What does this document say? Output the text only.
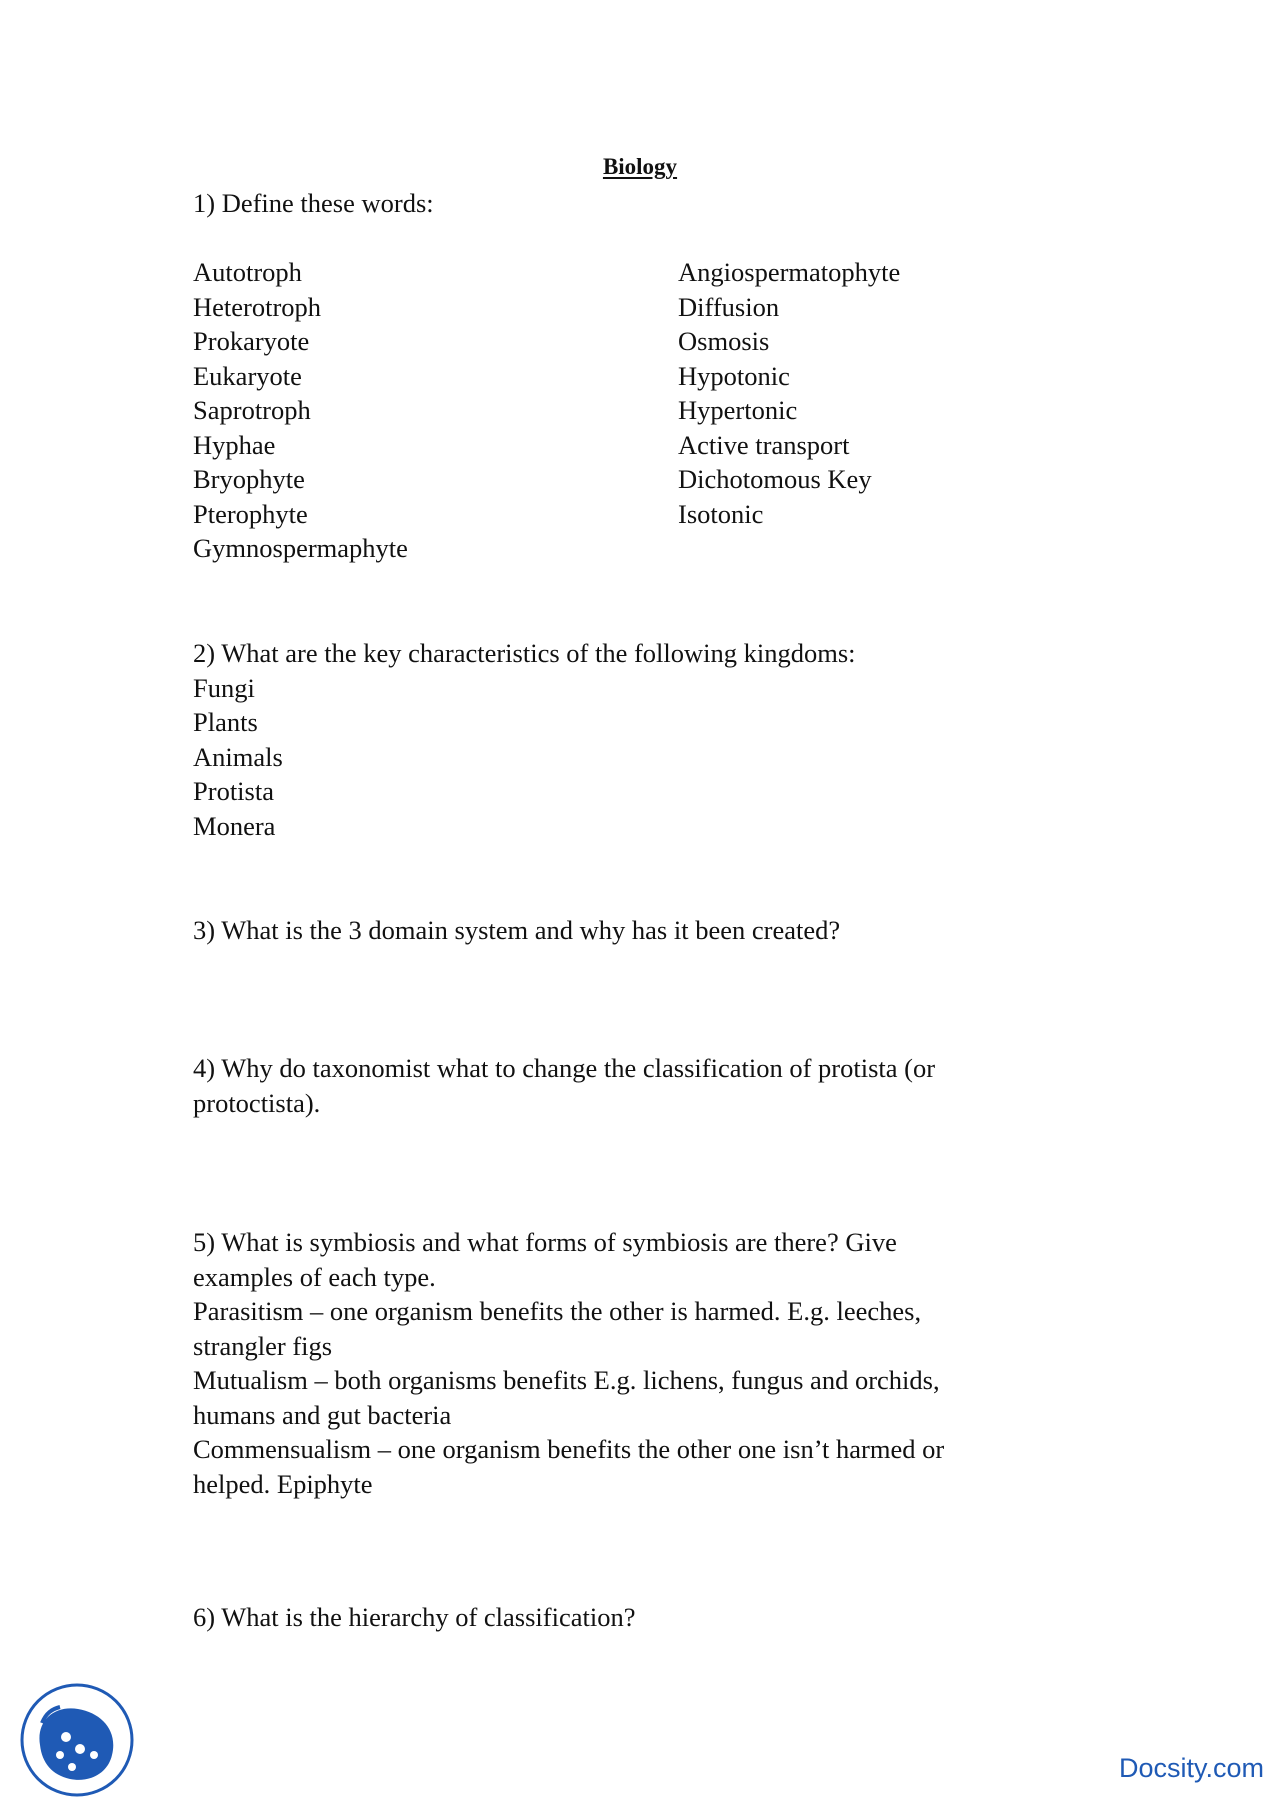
Biology
1) Define these words:
Autotroph
Heterotroph
Prokaryote
Eukaryote
Saprotroph
Hyphae
Bryophyte
Pterophyte
Gymnospermaphyte
Angiospermatophyte
Diffusion
Osmosis
Hypotonic
Hypertonic
Active transport
Dichotomous Key
Isotonic
2) What are the key characteristics of the following kingdoms:
Fungi
Plants
Animals
Protista
Monera
3) What is the 3 domain system and why has it been created?
4) Why do taxonomist what to change the classification of protista (or
protoctista).
5) What is symbiosis and what forms of symbiosis are there? Give
examples of each type.
Parasitism – one organism benefits the other is harmed. E.g. leeches,
strangler figs
Mutualism – both organisms benefits E.g. lichens, fungus and orchids,
humans and gut bacteria
Commensualism – one organism benefits the other one isn’t harmed or
helped. Epiphyte
6) What is the hierarchy of classification?
Docsity.com
